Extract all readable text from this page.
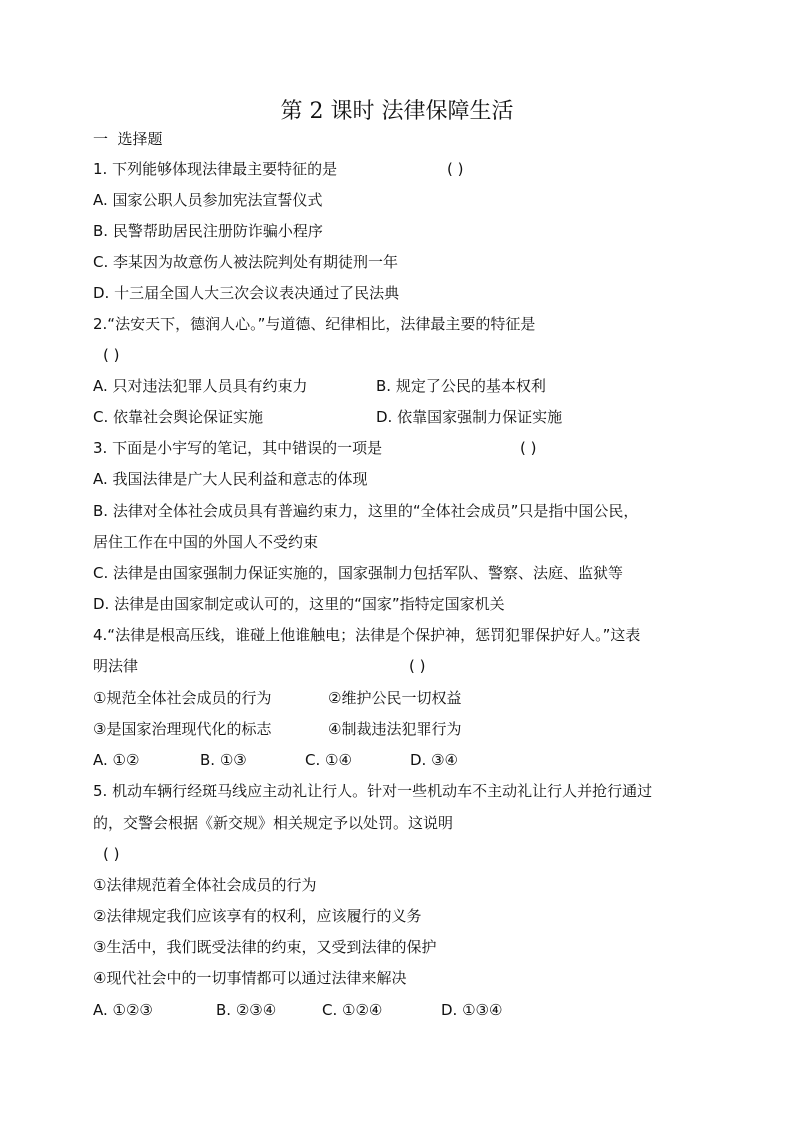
第 2 课时 法律保障生活
一  选择题
1. 下列能够体现法律最主要特征的是	( )
A. 国家公职人员参加宪法宣誓仪式
B. 民警帮助居民注册防诈骗小程序
C. 李某因为故意伤人被法院判处有期徒刑一年
D. 十三届全国人大三次会议表决通过了民法典
2.“法安天下，德润人心。”与道德、纪律相比，法律最主要的特征是
( )
A. 只对违法犯罪人员具有约束力	B. 规定了公民的基本权利
C. 依靠社会舆论保证实施	D. 依靠国家强制力保证实施
3. 下面是小宇写的笔记，其中错误的一项是	( )
A. 我国法律是广大人民利益和意志的体现
B. 法律对全体社会成员具有普遍约束力，这里的“全体社会成员”只是指中国公民，
居住工作在中国的外国人不受约束
C. 法律是由国家强制力保证实施的，国家强制力包括军队、警察、法庭、监狱等
D. 法律是由国家制定或认可的，这里的“国家”指特定国家机关
4.“法律是根高压线，谁碰上他谁触电；法律是个保护神，惩罚犯罪保护好人。”这表
明法律	( )
①规范全体社会成员的行为	②维护公民一切权益
③是国家治理现代化的标志	④制裁违法犯罪行为
A. ①②	B. ①③	C. ①④	D. ③④
5. 机动车辆行经斑马线应主动礼让行人。针对一些机动车不主动礼让行人并抢行通过
的，交警会根据《新交规》相关规定予以处罚。这说明
( )
①法律规范着全体社会成员的行为
②法律规定我们应该享有的权利，应该履行的义务
③生活中，我们既受法律的约束，又受到法律的保护
④现代社会中的一切事情都可以通过法律来解决
A. ①②③	B. ②③④	C. ①②④	D. ①③④
